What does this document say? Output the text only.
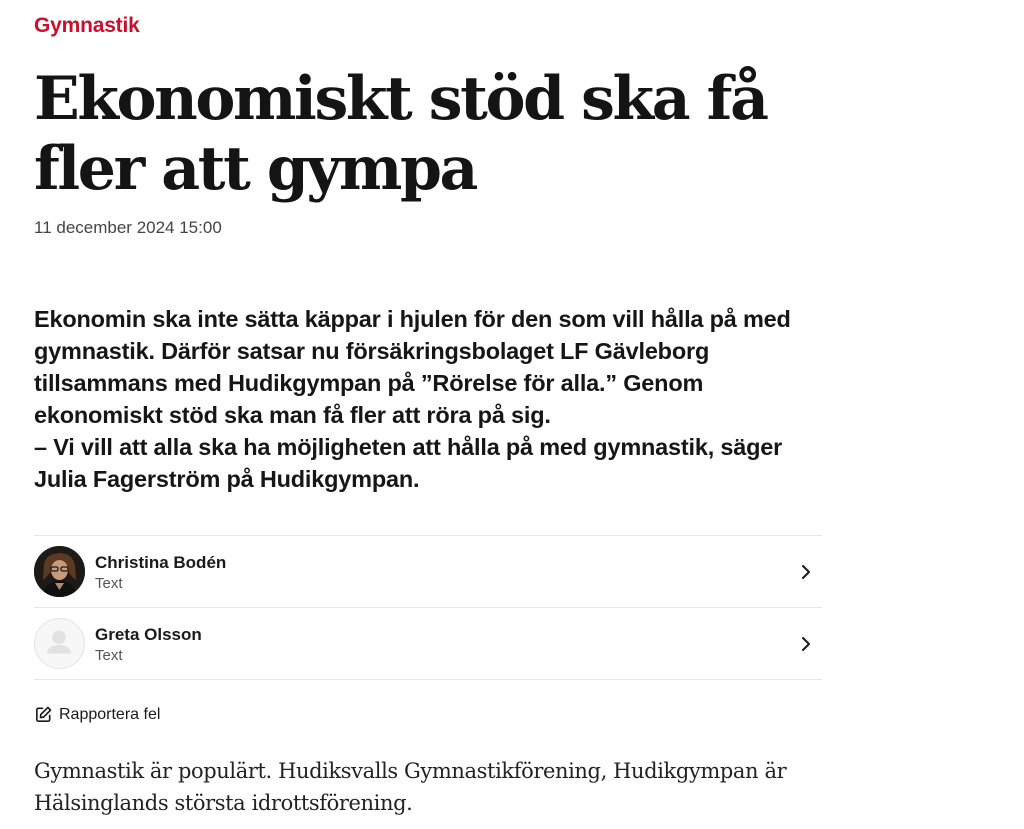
Gymnastik
Ekonomiskt stöd ska få fler att gympa
11 december 2024 15:00

Ekonomin ska inte sätta käppar i hjulen för den som vill hålla på med gymnastik. Därför satsar nu försäkringsbolaget LF Gävleborg tillsammans med Hudikgympan på ”Rörelse för alla.” Genom ekonomiskt stöd ska man få fler att röra på sig.

– Vi vill att alla ska ha möjligheten att hålla på med gymnastik, säger Julia Fagerström på Hudikgympan.

Christina Bodén
Text
Greta Olsson
Text
Rapportera fel

Gymnastik är populärt. Hudiksvalls Gymnastikförening, Hudikgympan är Hälsinglands största idrottsförening.
